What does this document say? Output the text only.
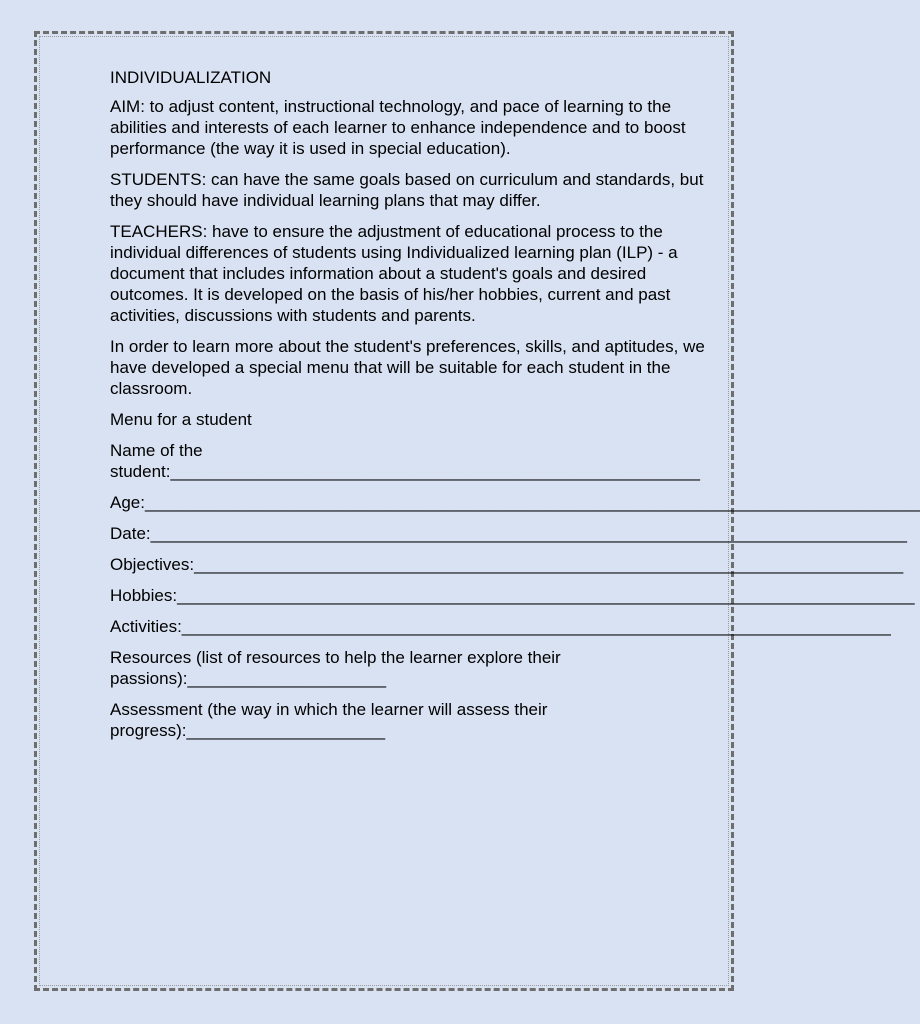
INDIVIDUALIZATION

AIM: to adjust content, instructional technology, and pace of learning to the abilities and interests of each learner to enhance independence and to boost performance (the way it is used in special education).

STUDENTS: can have the same goals based on curriculum and standards, but they should have individual learning plans that may differ.

TEACHERS: have to ensure the adjustment of educational process to the individual differences of students using Individualized learning plan (ILP) - a document that includes information about a student's goals and desired outcomes. It is developed on the basis of his/her hobbies, current and past activities, discussions with students and parents.

In order to learn more about the student's preferences, skills, and aptitudes, we have developed a special menu that will be suitable for each student in the classroom.

Menu for a student

Name of the student:________________________________________________________
Age:__________________________________________________________________________________
Date:________________________________________________________________________________
Objectives:___________________________________________________________________________
Hobbies:______________________________________________________________________________
Activities:___________________________________________________________________________
Resources (list of resources to help the learner explore their passions):_____________________
Assessment (the way in which the learner will assess their progress):_____________________
